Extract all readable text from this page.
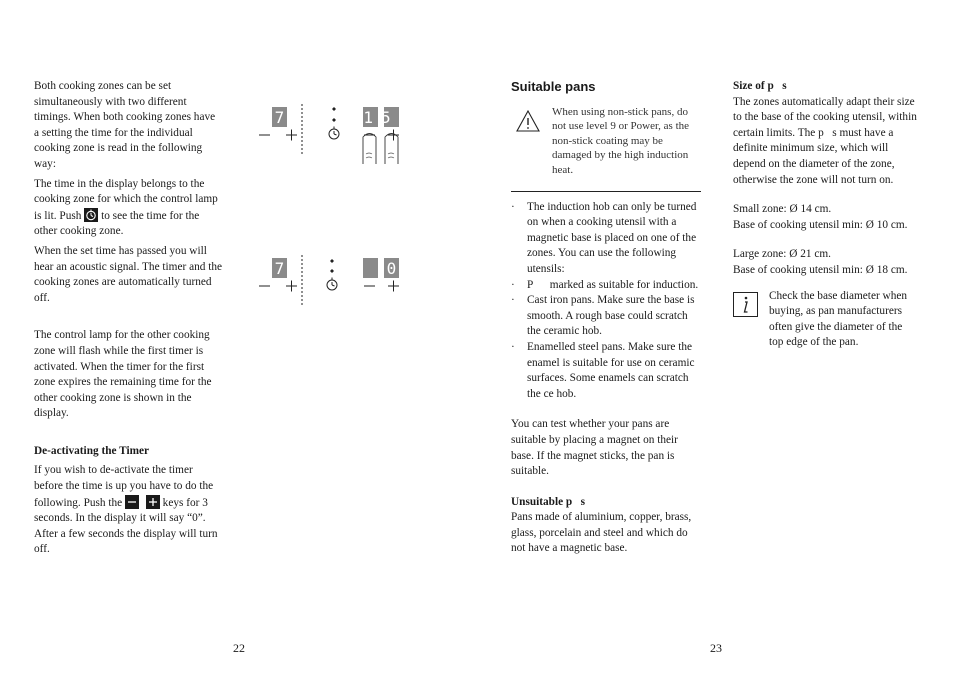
Both cooking zones can be set simultaneously with two different timings. When both cooking zones have a setting the time for the individual cooking zone is read in the following way:

The time in the display belongs to the cooking zone for which the control lamp is lit. Push to see the time for the other cooking zone.

When the set time has passed you will hear an acoustic signal. The timer and the cooking zones are automatically turned off.

The control lamp for the other cooking zone will flash while the first timer is activated. When the timer for the first zone expires the remaining time for the other cooking zone is shown in the display.

De-activating the Timer

If you wish to de-activate the timer before the time is up you have to do the following. Push the
	keys for 3 seconds. In the display it will say “0”. After a few seconds the display will turn off.

7	15
7	0
22

Suitable pans

When using non-stick pans, do not use level 9 or Power, as the non-stick coating may be damaged by the high induction heat.

· The induction hob can only be turned on when a cooking utensil with a magnetic base is placed on one of the zones. You can use the following utensils:
· P      marked as suitable for induction.
· Cast iron pans. Make sure the base is smooth. A rough base could scratch the ceramic hob.
· Enamelled steel pans. Make sure the enamel is suitable for use on ceramic surfaces. Some enamels can scratch the ce hob.

You can test whether your pans are suitable by placing a magnet on their base. If the magnet sticks, the pan is suitable.

Unsuitable p   s

Pans made of aluminium, copper, brass, glass, porcelain and steel and which do not have a magnetic base.

23

Size of p   s

The zones automatically adapt their size to the base of the cooking utensil, within certain limits. The p   s must have a definite minimum size, which will depend on the diameter of the zone, otherwise the zone will not turn on.

Small zone: Ø 14 cm.

Base of cooking utensil min: Ø 10 cm.

Large zone: Ø 21 cm.

Base of cooking utensil min: Ø 18 cm.

Check the base diameter when buying, as pan manufacturers often give the diameter of the top edge of the pan.
